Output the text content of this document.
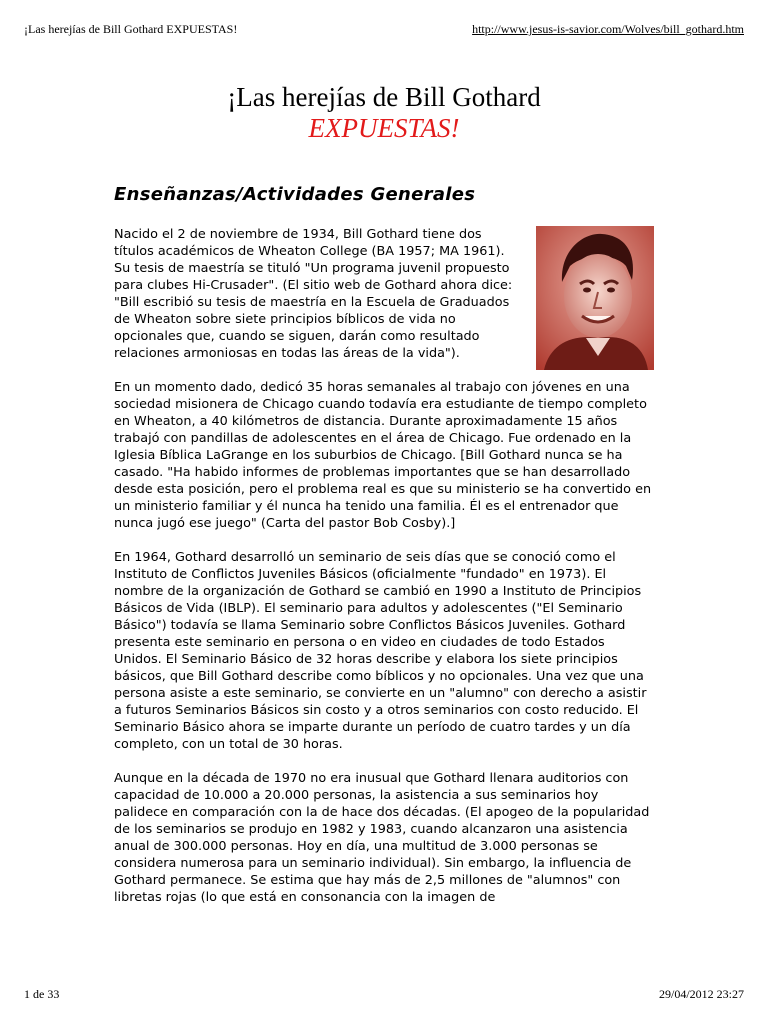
¡Las herejías de Bill Gothard EXPUESTAS!	http://www.jesus-is-savior.com/Wolves/bill_gothard.htm
¡Las herejías de Bill Gothard
EXPUESTAS!
Enseñanzas/Actividades Generales

Nacido el 2 de noviembre de 1934, Bill Gothard tiene dos títulos académicos de Wheaton College (BA 1957; MA 1961). Su tesis de maestría se tituló "Un programa juvenil propuesto para clubes Hi-Crusader". (El sitio web de Gothard ahora dice: "Bill escribió su tesis de maestría en la Escuela de Graduados de Wheaton sobre siete principios bíblicos de vida no opcionales que, cuando se siguen, darán como resultado relaciones armoniosas en todas las áreas de la vida").

En un momento dado, dedicó 35 horas semanales al trabajo con jóvenes en una sociedad misionera de Chicago cuando todavía era estudiante de tiempo completo en Wheaton, a 40 kilómetros de distancia. Durante aproximadamente 15 años trabajó con pandillas de adolescentes en el área de Chicago. Fue ordenado en la Iglesia Bíblica LaGrange en los suburbios de Chicago. [Bill Gothard nunca se ha casado. "Ha habido informes de problemas importantes que se han desarrollado desde esta posición, pero el problema real es que su ministerio se ha convertido en un ministerio familiar y él nunca ha tenido una familia. Él es el entrenador que nunca jugó ese juego" (Carta del pastor Bob Cosby).]

En 1964, Gothard desarrolló un seminario de seis días que se conoció como el Instituto de Conflictos Juveniles Básicos (oficialmente "fundado" en 1973). El nombre de la organización de Gothard se cambió en 1990 a Instituto de Principios Básicos de Vida (IBLP). El seminario para adultos y adolescentes ("El Seminario Básico") todavía se llama Seminario sobre Conflictos Básicos Juveniles. Gothard presenta este seminario en persona o en video en ciudades de todo Estados Unidos. El Seminario Básico de 32 horas describe y elabora los siete principios básicos, que Bill Gothard describe como bíblicos y no opcionales. Una vez que una persona asiste a este seminario, se convierte en un "alumno" con derecho a asistir a futuros Seminarios Básicos sin costo y a otros seminarios con costo reducido. El Seminario Básico ahora se imparte durante un período de cuatro tardes y un día completo, con un total de 30 horas.

Aunque en la década de 1970 no era inusual que Gothard llenara auditorios con capacidad de 10.000 a 20.000 personas, la asistencia a sus seminarios hoy palidece en comparación con la de hace dos décadas. (El apogeo de la popularidad de los seminarios se produjo en 1982 y 1983, cuando alcanzaron una asistencia anual de 300.000 personas. Hoy en día, una multitud de 3.000 personas se considera numerosa para un seminario individual). Sin embargo, la influencia de Gothard permanece. Se estima que hay más de 2,5 millones de "alumnos" con libretas rojas (lo que está en consonancia con la imagen de

1 de 33	29/04/2012 23:27
